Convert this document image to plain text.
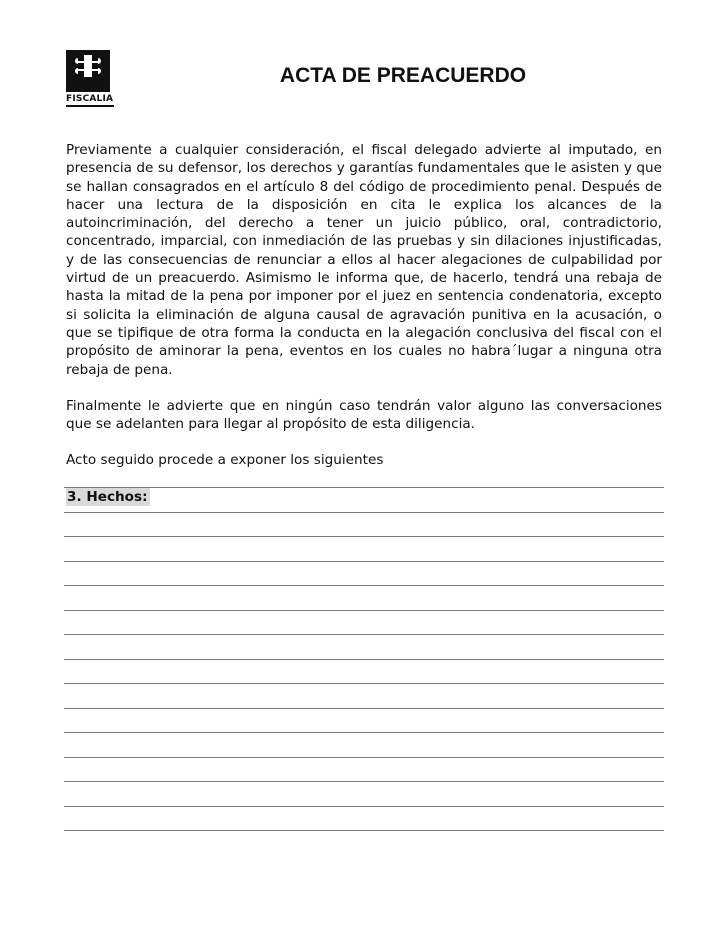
FISCALIA
ACTA DE PREACUERDO

Previamente a cualquier consideración, el fiscal delegado advierte al imputado, en presencia de su defensor, los derechos y garantías fundamentales que le asisten y que se hallan consagrados en el artículo 8 del código de procedimiento penal. Después de hacer una lectura de la disposición en cita le explica los alcances de la autoincriminación, del derecho a tener un juicio público, oral, contradictorio, concentrado, imparcial, con inmediación de las pruebas y sin dilaciones injustificadas, y de las consecuencias de renunciar a ellos al hacer alegaciones de culpabilidad por virtud de un preacuerdo. Asimismo le informa que, de hacerlo, tendrá una rebaja de hasta la mitad de la pena por imponer por el juez en sentencia condenatoria, excepto si solicita la eliminación de alguna causal de agravación punitiva en la acusación, o que se tipifique de otra forma la conducta en la alegación conclusiva del fiscal con el propósito de aminorar la pena, eventos en los cuales no habra´lugar a ninguna otra rebaja de pena.

Finalmente le advierte que en ningún caso tendrán valor alguno las conversaciones que se adelanten para llegar al propósito de esta diligencia.

Acto seguido procede a exponer los siguientes

3. Hechos:
